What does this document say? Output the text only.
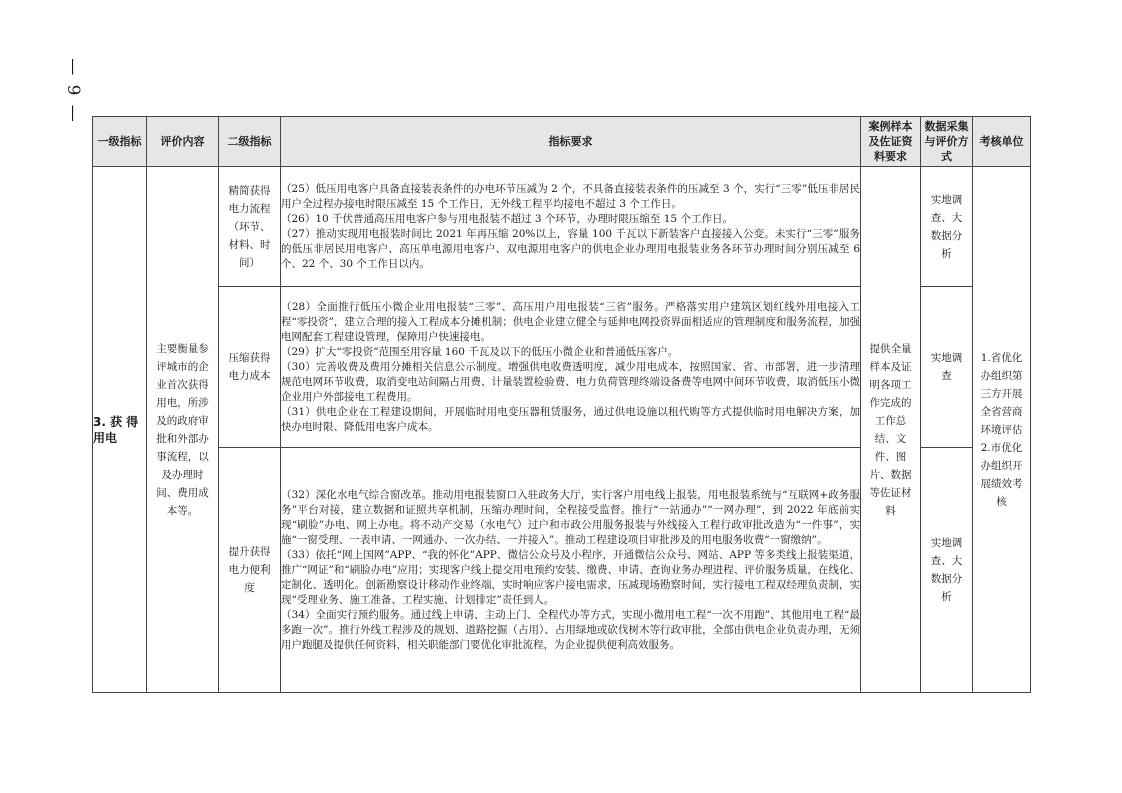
— 9 —
一级指标	评价内容	二级指标	指标要求	案例样本及佐证资料要求	数据采集与评价方式	考核单位

3. 获 得用电	主要衡量参评城市的企业首次获得用电，所涉及的政府审批和外部办事流程，以及办理时间、费用成本等。	精简获得电力流程（环节、材料、时间）	（25）低压用电客户具备直接装表条件的办电环节压减为 2 个，不具备直接装表条件的压减至 3 个，实行“三零”低压非居民用户全过程办接电时限压减至 15 个工作日，无外线工程平均接电不超过 3 个工作日。

（26）10 千伏普通高压用电客户参与用电报装不超过 3 个环节，办理时限压缩至 15 个工作日。

（27）推动实现用电报装时间比 2021 年再压缩 20%以上，容量 100 千瓦以下新装客户直接接入公变。未实行“三零”服务的低压非居民用电客户、高压单电源用电客户、双电源用电客户的供电企业办理用电报装业务各环节办理时间分别压减至 6 个、22 个、30 个工作日以内。	提供全量样本及证明各项工作完成的工作总结、文件、图片、数据等佐证材料	实地调查、大数据分析	1.省优化办组织第三方开展全省营商环境评估 2.市优化办组织开展绩效考核

		压缩获得电力成本	（28）全面推行低压小微企业用电报装“三零”、高压用户用电报装“三省”服务。严格落实用户建筑区划红线外用电接入工程“零投资”，建立合理的接入工程成本分摊机制；供电企业建立健全与延伸电网投资界面相适应的管理制度和服务流程，加强电网配套工程建设管理，保障用户快速接电。

（29）扩大“零投资”范围至用容量 160 千瓦及以下的低压小微企业和普通低压客户。

（30）完善收费及费用分摊相关信息公示制度。增强供电收费透明度，减少用电成本，按照国家、省、市部署，进一步清理规范电网环节收费，取消变电站间隔占用费、计量装置检验费、电力负荷管理终端设备费等电网中间环节收费，取消低压小微企业用户外部接电工程费用。

（31）供电企业在工程建设期间，开展临时用电变压器租赁服务，通过供电设施以租代购等方式提供临时用电解决方案，加快办电时限、降低用电客户成本。		实地调查	

		提升获得电力便利度	（32）深化水电气综合窗改革。推动用电报装窗口入驻政务大厅，实行客户用电线上报装，用电报装系统与“互联网+政务服务”平台对接，建立数据和证照共享机制，压缩办理时间，全程接受监督。推行“一站通办”“一网办理”，到 2022 年底前实现“刷脸”办电、网上办电。将不动产交易（水电气）过户和市政公用服务报装与外线接入工程行政审批改造为“一件事”，实施“一窗受理、一表申请、一网通办、一次办结、一并接入”。推动工程建设项目审批涉及的用电服务收费“一窗缴纳”。

（33）依托“网上国网”APP、“我的怀化”APP、微信公众号及小程序，开通微信公众号、网站、APP 等多类线上报装渠道，推广“网证”和“刷脸办电”应用；实现客户线上提交用电预约安装、缴费、申请、查询业务办理进程、评价服务质量，在线化、定制化、透明化。创新勘察设计移动作业终端，实时响应客户接电需求，压减现场勘察时间，实行接电工程双经理负责制，实现“受理业务、施工准备、工程实施、计划排定”责任到人。

（34）全面实行预约服务。通过线上申请、主动上门、全程代办等方式，实现小微用电工程“一次不用跑”、其他用电工程“最多跑一次”。推行外线工程涉及的规划、道路挖掘（占用）、占用绿地或砍伐树木等行政审批，全部由供电企业负责办理，无须用户跑腿及提供任何资料，相关职能部门要优化审批流程，为企业提供便利高效服务。		实地调查、大数据分析	
